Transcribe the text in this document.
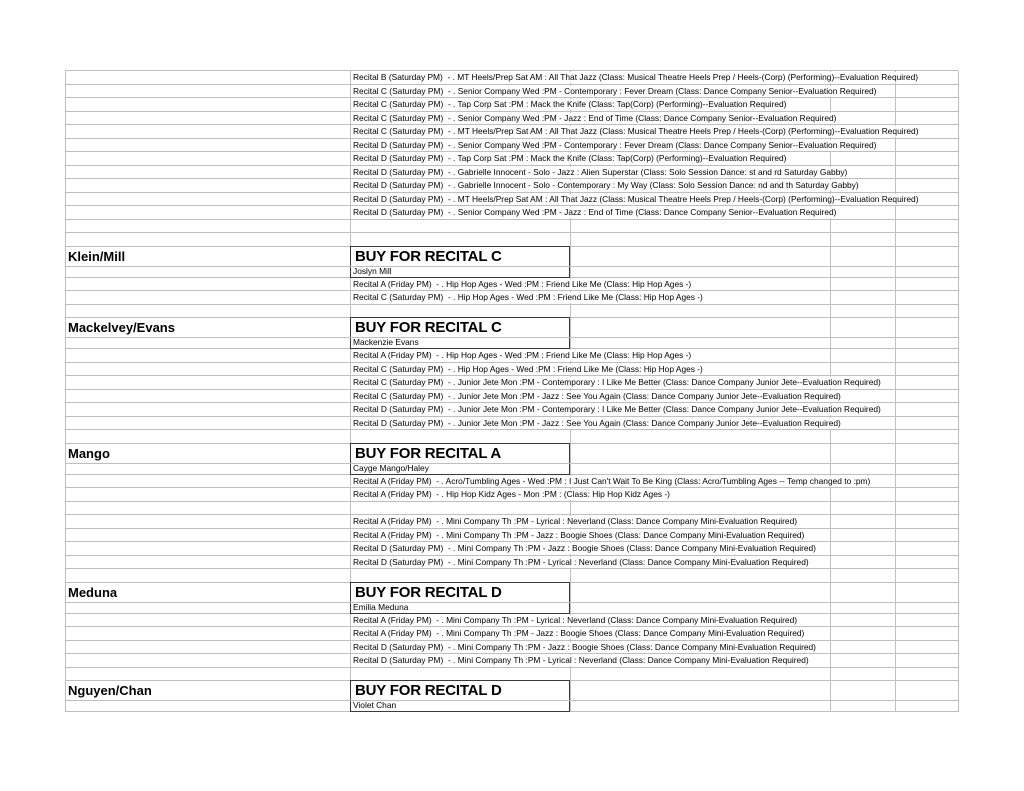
Recital B (Saturday PM)  - . MT Heels/Prep Sat AM : All That Jazz (Class: Musical Theatre Heels Prep / Heels-(Corp) (Performing)--Evaluation Required)
Recital C (Saturday PM)  - . Senior Company Wed :PM - Contemporary : Fever Dream (Class: Dance Company Senior--Evaluation Required)
Recital C (Saturday PM)  - . Tap Corp Sat :PM : Mack the Knife (Class: Tap(Corp) (Performing)--Evaluation Required)
Recital C (Saturday PM)  - . Senior Company Wed :PM - Jazz : End of Time (Class: Dance Company Senior--Evaluation Required)
Recital C (Saturday PM)  - . MT Heels/Prep Sat AM : All That Jazz (Class: Musical Theatre Heels Prep / Heels-(Corp) (Performing)--Evaluation Required)
Recital D (Saturday PM)  - . Senior Company Wed :PM - Contemporary : Fever Dream (Class: Dance Company Senior--Evaluation Required)
Recital D (Saturday PM)  - . Tap Corp Sat :PM : Mack the Knife (Class: Tap(Corp) (Performing)--Evaluation Required)
Recital D (Saturday PM)  - . Gabrielle Innocent - Solo - Jazz : Alien Superstar (Class: Solo Session Dance: st and rd Saturday Gabby)
Recital D (Saturday PM)  - . Gabrielle Innocent - Solo - Contemporary : My Way (Class: Solo Session Dance: nd and th Saturday Gabby)
Recital D (Saturday PM)  - . MT Heels/Prep Sat AM : All That Jazz (Class: Musical Theatre Heels Prep / Heels-(Corp) (Performing)--Evaluation Required)
Recital D (Saturday PM)  - . Senior Company Wed :PM - Jazz : End of Time (Class: Dance Company Senior--Evaluation Required)
Klein/Mill	BUY FOR RECITAL C
Joslyn Mill
Recital A (Friday PM)  - . Hip Hop Ages - Wed :PM : Friend Like Me (Class: Hip Hop Ages -)
Recital C (Saturday PM)  - . Hip Hop Ages - Wed :PM : Friend Like Me (Class: Hip Hop Ages -)
Mackelvey/Evans	BUY FOR RECITAL C
Mackenzie Evans
Recital A (Friday PM)  - . Hip Hop Ages - Wed :PM : Friend Like Me (Class: Hip Hop Ages -)
Recital C (Saturday PM)  - . Hip Hop Ages - Wed :PM : Friend Like Me (Class: Hip Hop Ages -)
Recital C (Saturday PM)  - . Junior Jete Mon :PM - Contemporary : I Like Me Better (Class: Dance Company Junior Jete--Evaluation Required)
Recital C (Saturday PM)  - . Junior Jete Mon :PM - Jazz : See You Again (Class: Dance Company Junior Jete--Evaluation Required)
Recital D (Saturday PM)  - . Junior Jete Mon :PM - Contemporary : I Like Me Better (Class: Dance Company Junior Jete--Evaluation Required)
Recital D (Saturday PM)  - . Junior Jete Mon :PM - Jazz : See You Again (Class: Dance Company Junior Jete--Evaluation Required)
Mango	BUY FOR RECITAL A
Cayge Mango/Haley
Recital A (Friday PM)  - . Acro/Tumbling Ages - Wed :PM : I Just Can't Wait To Be King (Class: Acro/Tumbling Ages -- Temp changed to :pm)
Recital A (Friday PM)  - . Hip Hop Kidz Ages - Mon :PM : (Class: Hip Hop Kidz Ages -)
Recital A (Friday PM)  - . Mini Company Th :PM - Lyrical : Neverland (Class: Dance Company Mini-Evaluation Required)
Recital A (Friday PM)  - . Mini Company Th :PM - Jazz : Boogie Shoes (Class: Dance Company Mini-Evaluation Required)
Recital D (Saturday PM)  - . Mini Company Th :PM - Jazz : Boogie Shoes (Class: Dance Company Mini-Evaluation Required)
Recital D (Saturday PM)  - . Mini Company Th :PM - Lyrical : Neverland (Class: Dance Company Mini-Evaluation Required)
Meduna	BUY FOR RECITAL D
Emilia Meduna
Recital A (Friday PM)  - . Mini Company Th :PM - Lyrical : Neverland (Class: Dance Company Mini-Evaluation Required)
Recital A (Friday PM)  - . Mini Company Th :PM - Jazz : Boogie Shoes (Class: Dance Company Mini-Evaluation Required)
Recital D (Saturday PM)  - . Mini Company Th :PM - Jazz : Boogie Shoes (Class: Dance Company Mini-Evaluation Required)
Recital D (Saturday PM)  - . Mini Company Th :PM - Lyrical : Neverland (Class: Dance Company Mini-Evaluation Required)
Nguyen/Chan	BUY FOR RECITAL D
Violet Chan
